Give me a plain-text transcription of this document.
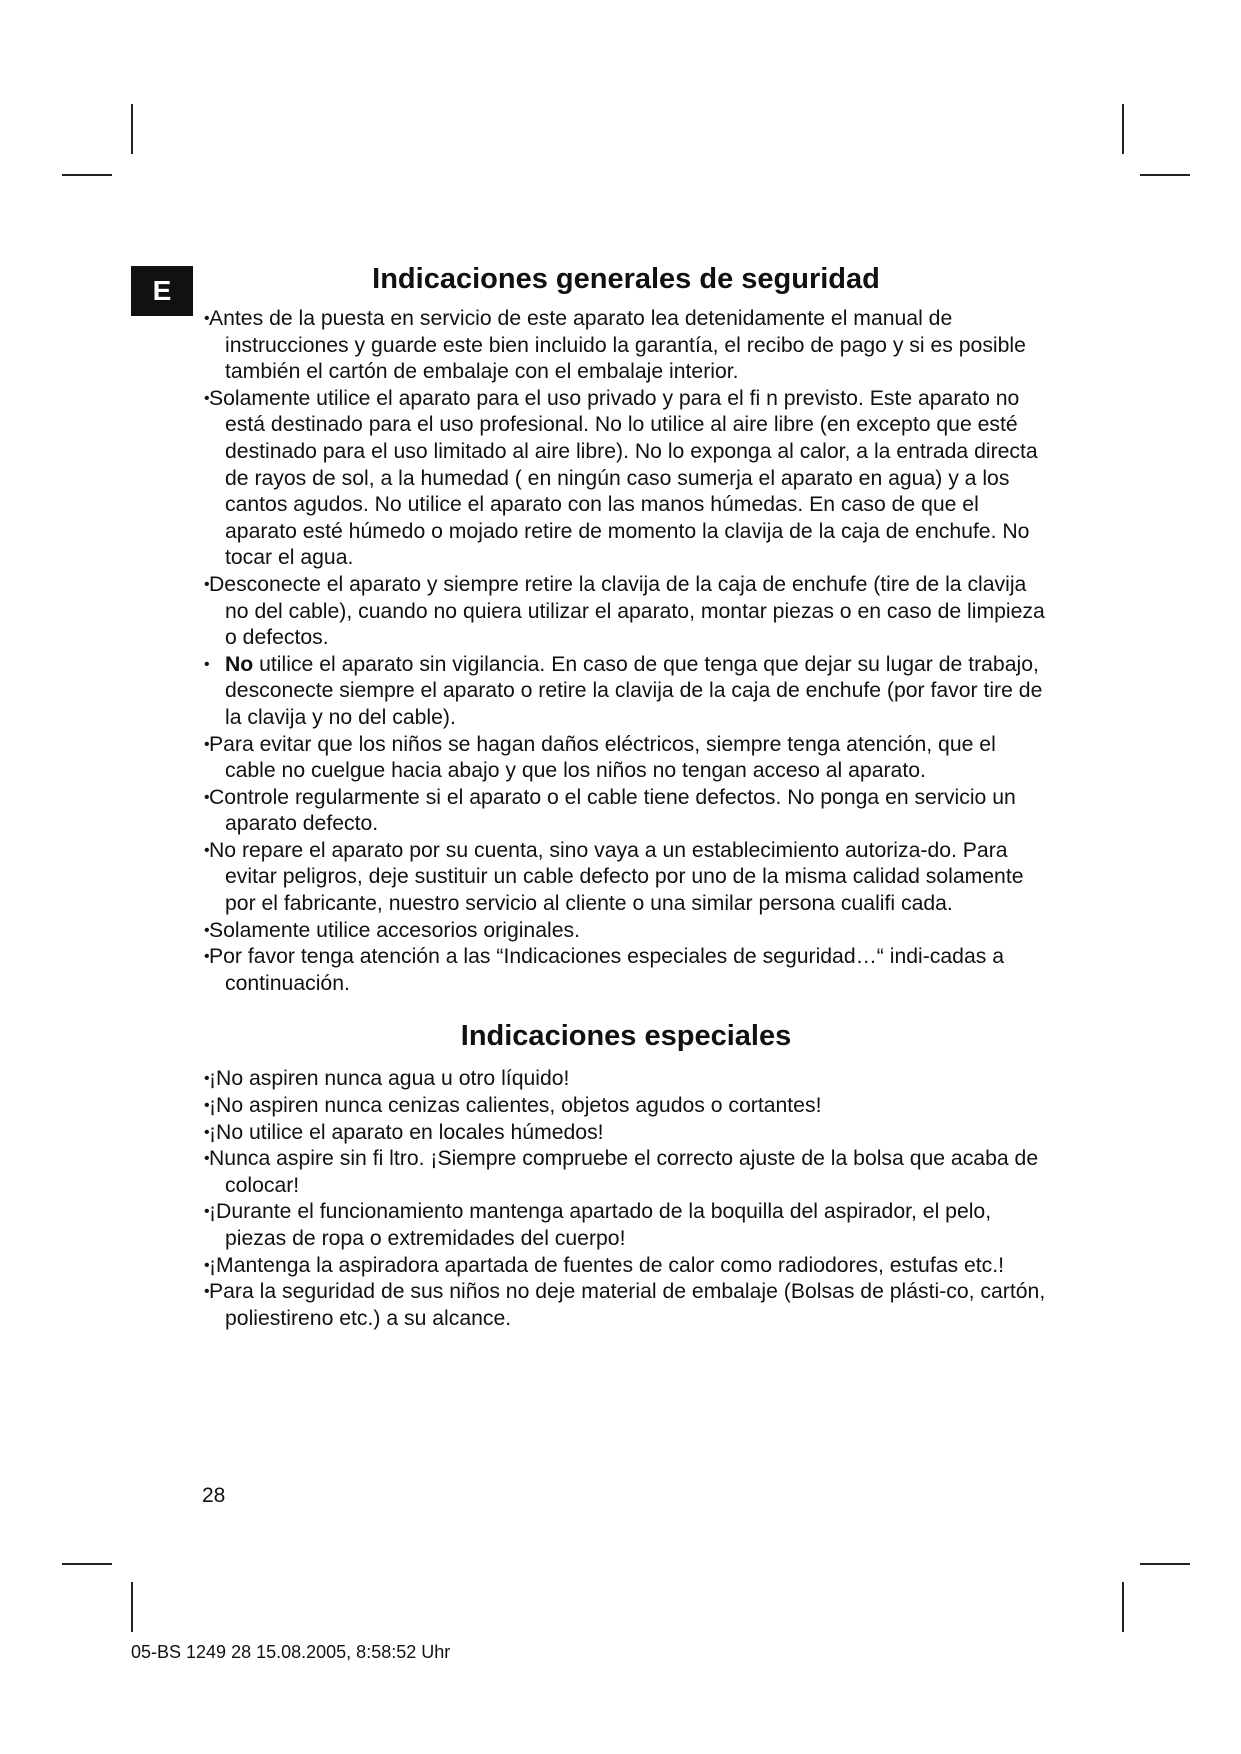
E	Indicaciones generales de seguridad
• Antes de la puesta en servicio de este aparato lea detenidamente el manual de instrucciones y guarde este bien incluido la garantía, el recibo de pago y si es posible también el cartón de embalaje con el embalaje interior.
• Solamente utilice el aparato para el uso privado y para el fi n previsto. Este aparato no está destinado para el uso profesional. No lo utilice al aire libre (en excepto que esté destinado para el uso limitado al aire libre). No lo exponga al calor, a la entrada directa de rayos de sol, a la humedad ( en ningún caso sumerja el aparato en agua) y a los cantos agudos. No utilice el aparato con las manos húmedas. En caso de que el aparato esté húmedo o mojado retire de momento la clavija de la caja de enchufe. No tocar el agua.
• Desconecte el aparato y siempre retire la clavija de la caja de enchufe (tire de la clavija no del cable), cuando no quiera utilizar el aparato, montar piezas o en caso de limpieza o defectos.
• No utilice el aparato sin vigilancia. En caso de que tenga que dejar su lugar de trabajo, desconecte siempre el aparato o retire la clavija de la caja de enchufe (por favor tire de la clavija y no del cable).
• Para evitar que los niños se hagan daños eléctricos, siempre tenga atención, que el cable no cuelgue hacia abajo y que los niños no tengan acceso al aparato.
• Controle regularmente si el aparato o el cable tiene defectos. No ponga en servicio un aparato defecto.
• No repare el aparato por su cuenta, sino vaya a un establecimiento autoriza-do. Para evitar peligros, deje sustituir un cable defecto por uno de la misma calidad solamente por el fabricante, nuestro servicio al cliente o una similar persona cualifi cada.
• Solamente utilice accesorios originales.
• Por favor tenga atención a las “Indicaciones especiales de seguridad…“ indi-cadas a continuación.
Indicaciones especiales
• ¡No aspiren nunca agua u otro líquido!
• ¡No aspiren nunca cenizas calientes, objetos agudos o cortantes!
• ¡No utilice el aparato en locales húmedos!
• Nunca aspire sin fi ltro. ¡Siempre compruebe el correcto ajuste de la bolsa que acaba de colocar!
• ¡Durante el funcionamiento mantenga apartado de la boquilla del aspirador, el pelo, piezas de ropa o extremidades del cuerpo!
• ¡Mantenga la aspiradora apartada de fuentes de calor como radiodores, estufas etc.!
• Para la seguridad de sus niños no deje material de embalaje (Bolsas de plásti-co, cartón, poliestireno etc.) a su alcance.
28
05-BS 1249 28 15.08.2005, 8:58:52 Uhr
